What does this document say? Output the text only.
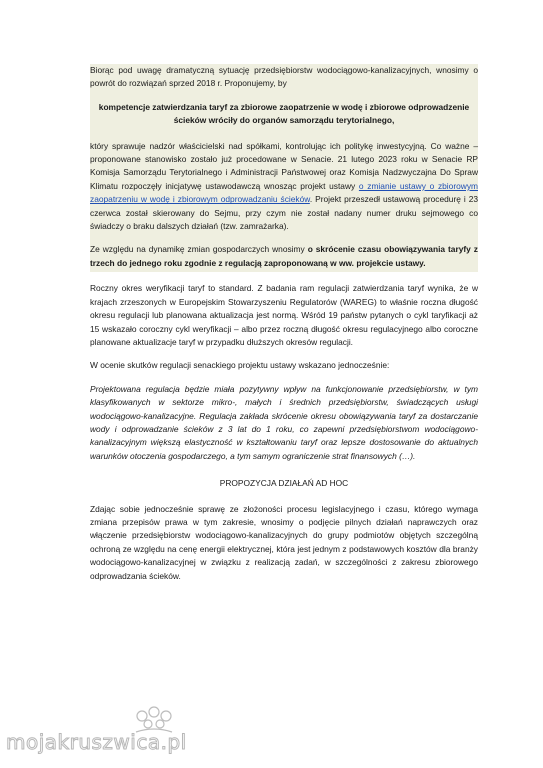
Biorąc pod uwagę dramatyczną sytuację przedsiębiorstw wodociągowo-kanalizacyjnych, wnosimy o powrót do rozwiązań sprzed 2018 r. Proponujemy, by

kompetencje zatwierdzania taryf za zbiorowe zaopatrzenie w wodę i zbiorowe odprowadzenie ścieków wróciły do organów samorządu terytorialnego,

który sprawuje nadzór właścicielski nad spółkami, kontrolując ich politykę inwestycyjną. Co ważne – proponowane stanowisko zostało już procedowane w Senacie. 21 lutego 2023 roku w Senacie RP Komisja Samorządu Terytorialnego i Administracji Państwowej oraz Komisja Nadzwyczajna Do Spraw Klimatu rozpoczęły inicjatywę ustawodawczą wnosząc projekt ustawy o zmianie ustawy o zbiorowym zaopatrzeniu w wodę i zbiorowym odprowadzaniu ścieków. Projekt przeszedł ustawową procedurę i 23 czerwca został skierowany do Sejmu, przy czym nie został nadany numer druku sejmowego co świadczy o braku dalszych działań (tzw. zamrażarka).

Ze względu na dynamikę zmian gospodarczych wnosimy o skrócenie czasu obowiązywania taryfy z trzech do jednego roku zgodnie z regulacją zaproponowaną w ww. projekcie ustawy.

Roczny okres weryfikacji taryf to standard. Z badania ram regulacji zatwierdzania taryf wynika, że w krajach zrzeszonych w Europejskim Stowarzyszeniu Regulatorów (WAREG) to właśnie roczna długość okresu regulacji lub planowana aktualizacja jest normą. Wśród 19 państw pytanych o cykl taryfikacji aż 15 wskazało coroczny cykl weryfikacji – albo przez roczną długość okresu regulacyjnego albo coroczne planowane aktualizacje taryf w przypadku dłuższych okresów regulacji.

W ocenie skutków regulacji senackiego projektu ustawy wskazano jednocześnie:

Projektowana regulacja będzie miała pozytywny wpływ na funkcjonowanie przedsiębiorstw, w tym klasyfikowanych w sektorze mikro-, małych i średnich przedsiębiorstw, świadczących usługi wodociągowo-kanalizacyjne. Regulacja zakłada skrócenie okresu obowiązywania taryf za dostarczanie wody i odprowadzanie ścieków z 3 lat do 1 roku, co zapewni przedsiębiorstwom wodociągowo-kanalizacyjnym większą elastyczność w kształtowaniu taryf oraz lepsze dostosowanie do aktualnych warunków otoczenia gospodarczego, a tym samym ograniczenie strat finansowych (…).

PROPOZYCJA DZIAŁAŃ AD HOC

Zdając sobie jednocześnie sprawę ze złożoności procesu legislacyjnego i czasu, którego wymaga zmiana przepisów prawa w tym zakresie, wnosimy o podjęcie pilnych działań naprawczych oraz włączenie przedsiębiorstw wodociągowo-kanalizacyjnych do grupy podmiotów objętych szczególną ochroną ze względu na cenę energii elektrycznej, która jest jednym z podstawowych kosztów dla branży wodociągowo-kanalizacyjnej w związku z realizacją zadań, w szczególności z zakresu zbiorowego odprowadzania ścieków.

mojakruszwica.pl
